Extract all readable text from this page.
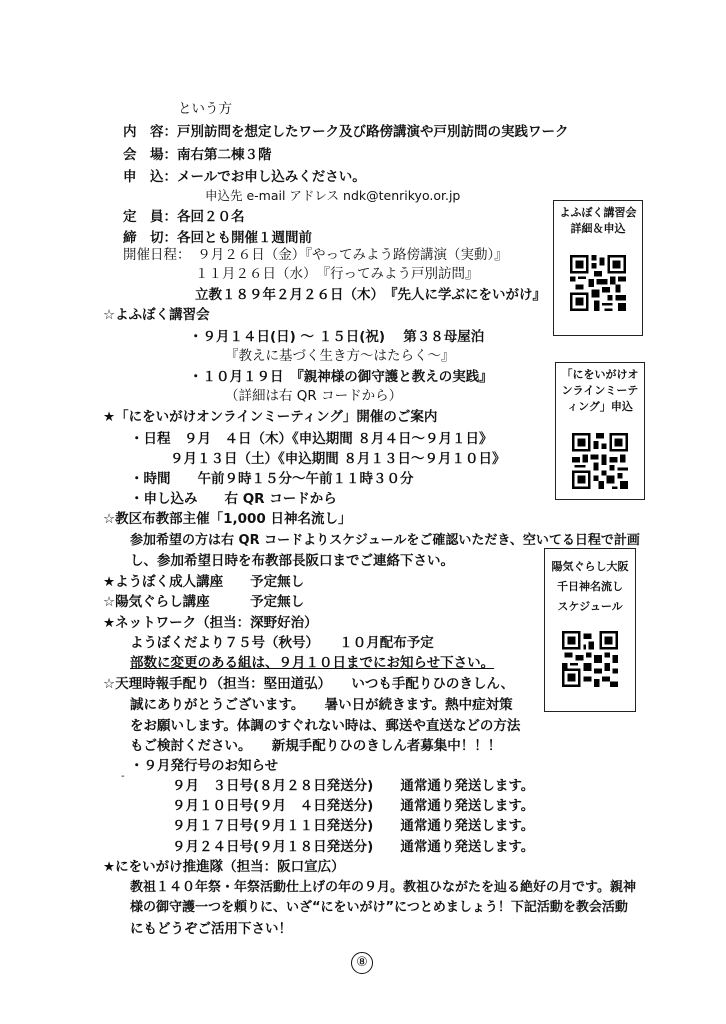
という方
内　容：戸別訪問を想定したワーク及び路傍講演や戸別訪問の実践ワーク
会　場：南右第二棟３階
申　込：メールでお申し込みください。
申込先 e-mail アドレス ndk@tenrikyo.or.jp
定　員：各回２０名
締　切：各回とも開催１週間前
開催日程：　９月２６日（金）『やってみよう路傍講演（実動）』
１１月２６日（水）　『行ってみよう戸別訪問』
立教１８９年２月２６日（木）　『先人に学ぶにをいがけ』
☆よふぼく講習会
・９月１４日(日) ～ １５日(祝)　 第３８母屋泊
『教えに基づく生き方～はたらく～』
・１０月１９日　『親神様の御守護と教えの実践』
（詳細は右 QR コードから）
★「にをいがけオンラインミーティング」開催のご案内
・日程　９月　４日（木）《申込期間 ８月４日～９月１日》
９月１３日（土）《申込期間 ８月１３日～９月１０日》
・時間　　午前９時１５分～午前１１時３０分
・申し込み　　右 QR コードから
☆教区布教部主催「1,000 日神名流し」
参加希望の方は右 QR コードよりスケジュールをご確認いただき、空いてる日程で計画
し、参加希望日時を布教部長阪口までご連絡下さい。
★ようぼく成人講座　　予定無し
☆陽気ぐらし講座　　　予定無し
★ネットワーク（担当：深野好治）
ようぼくだより７５号（秋号）　　１０月配布予定
部数に変更のある組は、９月１０日までにお知らせ下さい。
☆天理時報手配り（担当：堅田道弘）　　いつも手配りひのきしん、
誠にありがとうございます。　　暑い日が続きます。熱中症対策
をお願いします。体調のすぐれない時は、郵送や直送などの方法
もご検討ください。　　新規手配りひのきしん者募集中！！！
・９月発行号のお知らせ
-
９月　３日号(８月２８日発送分)　　通常通り発送します。
９月１０日号(９月　４日発送分)　　通常通り発送します。
９月１７日号(９月１１日発送分)　　通常通り発送します。
９月２４日号(９月１８日発送分)　　通常通り発送します。
★にをいがけ推進隊（担当：阪口宣広）
教祖１４０年祭・年祭活動仕上げの年の９月。教祖ひながたを辿る絶好の月です。親神
様の御守護一つを頼りに、いざ“にをいがけ”につとめましょう！下記活動を教会活動
にもどうぞご活用下さい！
よふぼく講習会
詳細＆申込
「にをいがけオ
ンラインミーテ
ィング」申込
陽気ぐらし大阪
千日神名流し
スケジュール
⑧
